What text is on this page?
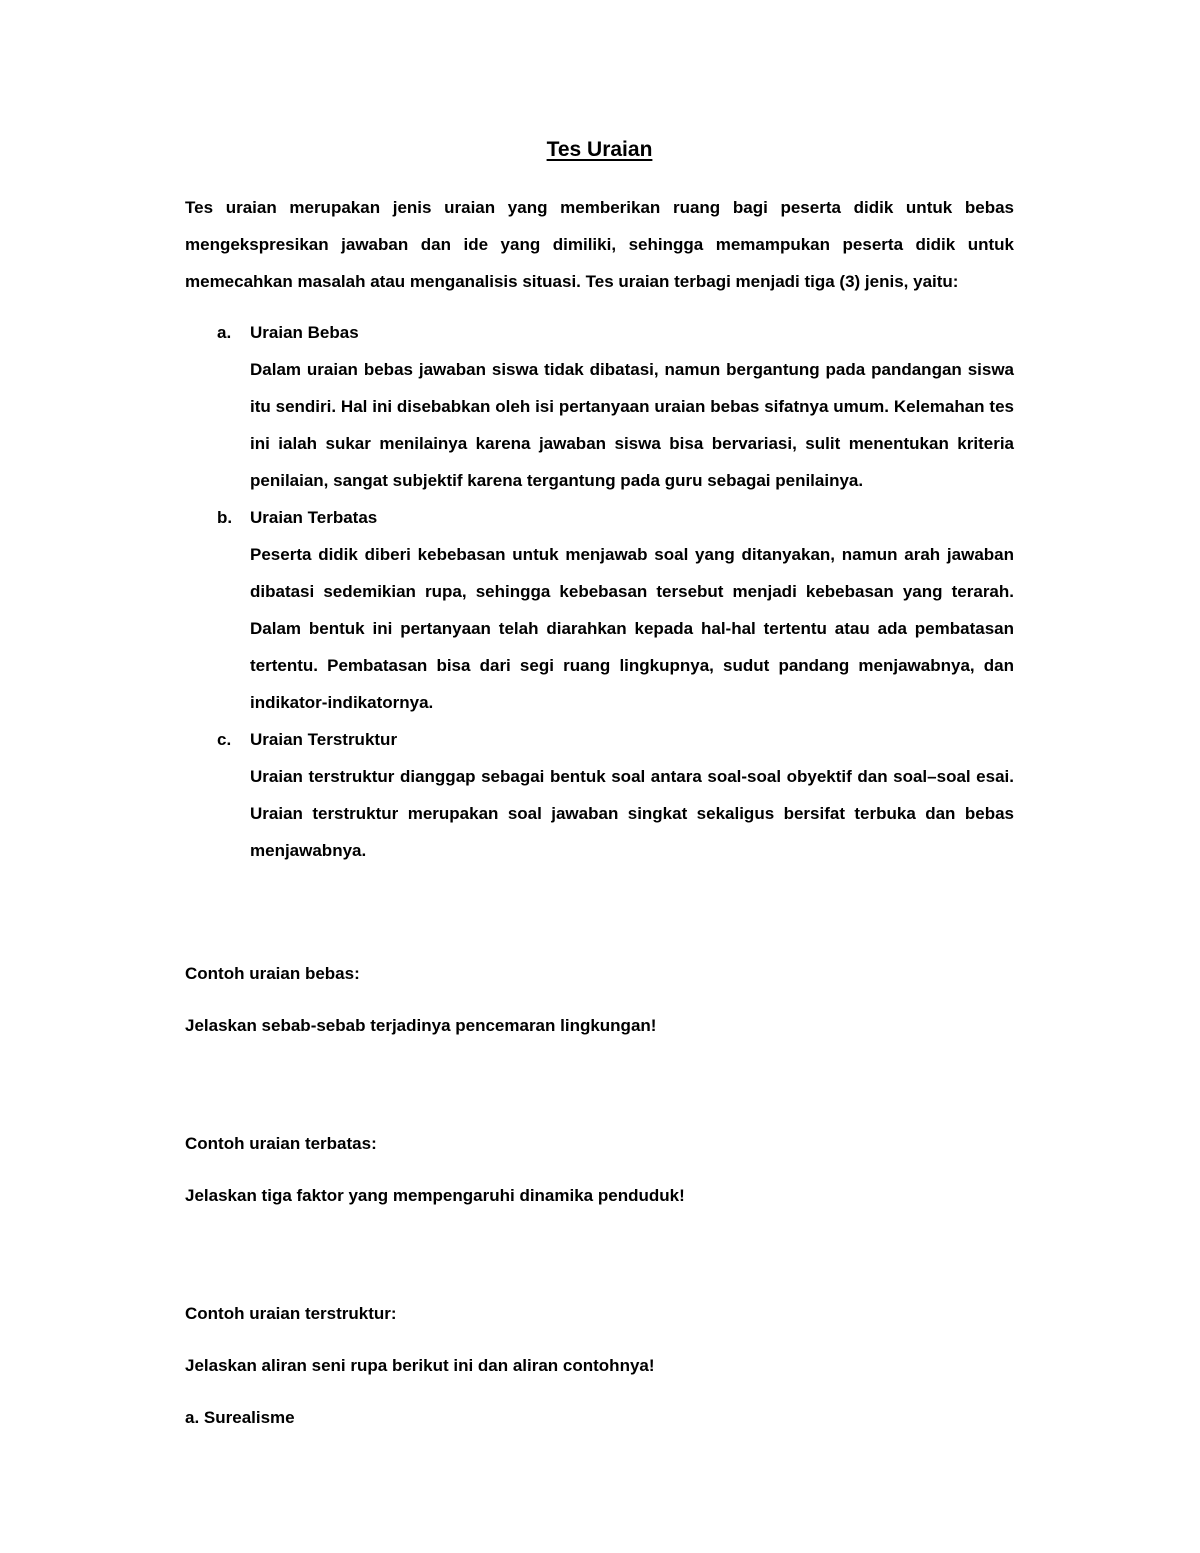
Tes Uraian

Tes uraian merupakan jenis uraian yang memberikan ruang bagi peserta didik untuk bebas mengekspresikan jawaban dan ide yang dimiliki, sehingga memampukan peserta didik untuk memecahkan masalah atau menganalisis situasi. Tes uraian terbagi menjadi tiga (3) jenis, yaitu:

a. Uraian Bebas

Dalam uraian bebas jawaban siswa tidak dibatasi, namun bergantung pada pandangan siswa itu sendiri. Hal ini disebabkan oleh isi pertanyaan uraian bebas sifatnya umum. Kelemahan tes ini ialah sukar menilainya karena jawaban siswa bisa bervariasi, sulit menentukan kriteria penilaian, sangat subjektif karena tergantung pada guru sebagai penilainya.

b. Uraian Terbatas

Peserta didik diberi kebebasan untuk menjawab soal yang ditanyakan, namun arah jawaban dibatasi sedemikian rupa, sehingga kebebasan tersebut menjadi kebebasan yang terarah. Dalam bentuk ini pertanyaan telah diarahkan kepada hal-hal tertentu atau ada pembatasan tertentu. Pembatasan bisa dari segi ruang lingkupnya, sudut pandang menjawabnya, dan indikator-indikatornya.

c. Uraian Terstruktur

Uraian terstruktur dianggap sebagai bentuk soal antara soal-soal obyektif dan soal–soal esai. Uraian terstruktur merupakan soal jawaban singkat sekaligus bersifat terbuka dan bebas menjawabnya.

Contoh uraian bebas:

Jelaskan sebab-sebab terjadinya pencemaran lingkungan!

Contoh uraian terbatas:

Jelaskan tiga faktor yang mempengaruhi dinamika penduduk!

Contoh uraian terstruktur:

Jelaskan aliran seni rupa berikut ini dan aliran contohnya!

a. Surealisme
